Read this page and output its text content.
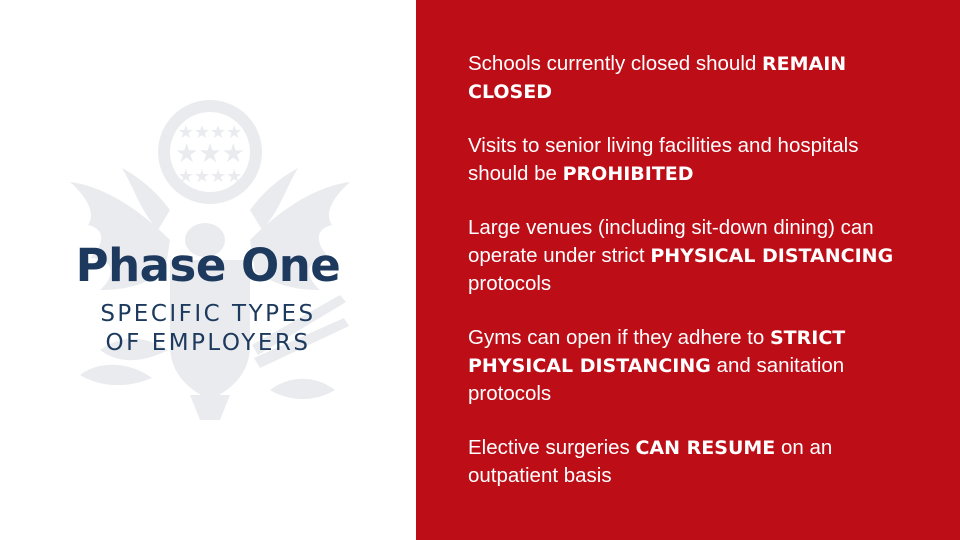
★★★
★★★★
★★★★
Phase One
SPECIFIC TYPES
OF EMPLOYERS
Schools currently closed should REMAIN CLOSED
Visits to senior living facilities and hospitals should be PROHIBITED
Large venues (including sit-down dining) can operate under strict PHYSICAL DISTANCING protocols
Gyms can open if they adhere to STRICT PHYSICAL DISTANCING and sanitation protocols
Elective surgeries CAN RESUME on an outpatient basis
